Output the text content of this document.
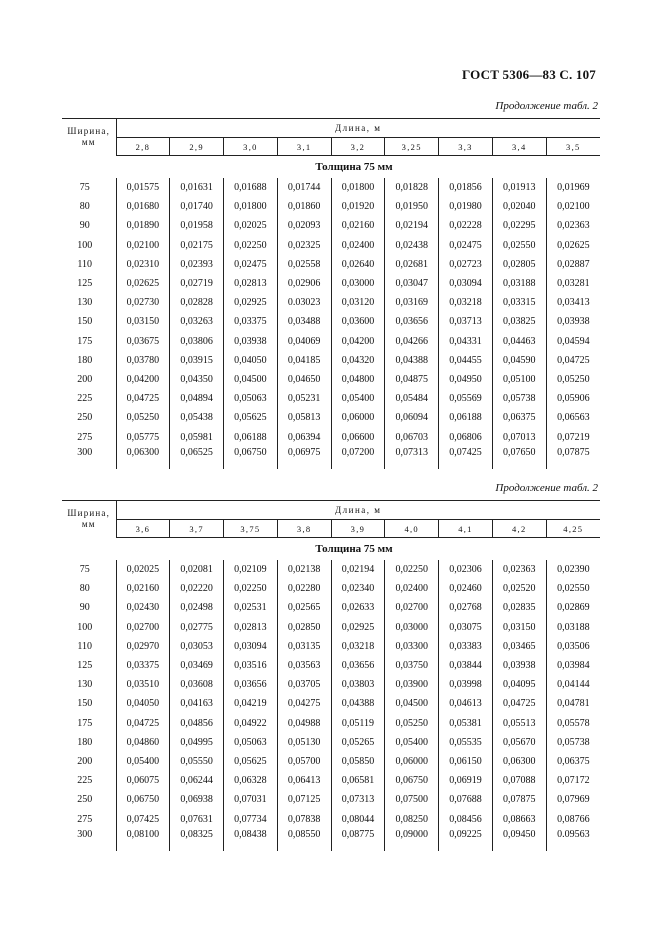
ГОСТ 5306—83 С. 107
Продолжение табл. 2
Ширина, мм	Длина, м								
	2,8	2,9	3,0	3,1	3,2	3,25	3,3	3,4	3,5
Толщина 75 мм									
75	0,01575	0,01631	0,01688	0,01744	0,01800	0,01828	0,01856	0,01913	0,01969
80	0,01680	0,01740	0,01800	0,01860	0,01920	0,01950	0,01980	0,02040	0,02100
90	0,01890	0,01958	0,02025	0,02093	0,02160	0,02194	0,02228	0,02295	0,02363
100	0,02100	0,02175	0,02250	0,02325	0,02400	0,02438	0,02475	0,02550	0,02625
110	0,02310	0,02393	0,02475	0,02558	0,02640	0,02681	0,02723	0,02805	0,02887
125	0,02625	0,02719	0,02813	0,02906	0,03000	0,03047	0,03094	0,03188	0,03281
130	0,02730	0,02828	0,02925	0.03023	0,03120	0,03169	0,03218	0,03315	0,03413
150	0,03150	0,03263	0,03375	0,03488	0,03600	0,03656	0,03713	0,03825	0,03938
175	0,03675	0,03806	0,03938	0,04069	0,04200	0,04266	0,04331	0,04463	0,04594
180	0,03780	0,03915	0,04050	0,04185	0,04320	0,04388	0,04455	0,04590	0,04725
200	0,04200	0,04350	0,04500	0,04650	0,04800	0,04875	0,04950	0,05100	0,05250
225	0,04725	0,04894	0,05063	0,05231	0,05400	0,05484	0,05569	0,05738	0,05906
250	0,05250	0,05438	0,05625	0,05813	0,06000	0,06094	0,06188	0,06375	0,06563
275	0,05775	0,05981	0,06188	0,06394	0,06600	0,06703	0,06806	0,07013	0,07219
300	0,06300	0,06525	0,06750	0,06975	0,07200	0,07313	0,07425	0,07650	0,07875
Продолжение табл. 2
Ширина, мм	Длина, м								
	3,6	3,7	3,75	3,8	3,9	4,0	4,1	4,2	4,25
Толщина 75 мм									
75	0,02025	0,02081	0,02109	0,02138	0,02194	0,02250	0,02306	0,02363	0,02390
80	0,02160	0,02220	0,02250	0,02280	0,02340	0,02400	0,02460	0,02520	0,02550
90	0,02430	0,02498	0,02531	0,02565	0,02633	0,02700	0,02768	0,02835	0,02869
100	0,02700	0,02775	0,02813	0,02850	0,02925	0,03000	0,03075	0,03150	0,03188
110	0,02970	0,03053	0,03094	0,03135	0,03218	0,03300	0,03383	0,03465	0,03506
125	0,03375	0,03469	0,03516	0,03563	0,03656	0,03750	0,03844	0,03938	0,03984
130	0,03510	0,03608	0,03656	0,03705	0,03803	0,03900	0,03998	0,04095	0,04144
150	0,04050	0,04163	0,04219	0,04275	0,04388	0,04500	0,04613	0,04725	0,04781
175	0,04725	0,04856	0,04922	0,04988	0,05119	0,05250	0,05381	0,05513	0,05578
180	0,04860	0,04995	0,05063	0,05130	0,05265	0,05400	0,05535	0,05670	0,05738
200	0,05400	0,05550	0,05625	0,05700	0,05850	0,06000	0,06150	0,06300	0,06375
225	0,06075	0,06244	0,06328	0,06413	0,06581	0,06750	0,06919	0,07088	0,07172
250	0,06750	0,06938	0,07031	0,07125	0,07313	0,07500	0,07688	0,07875	0,07969
275	0,07425	0,07631	0,07734	0,07838	0,08044	0,08250	0,08456	0,08663	0,08766
300	0,08100	0,08325	0,08438	0,08550	0,08775	0,09000	0,09225	0,09450	0.09563
